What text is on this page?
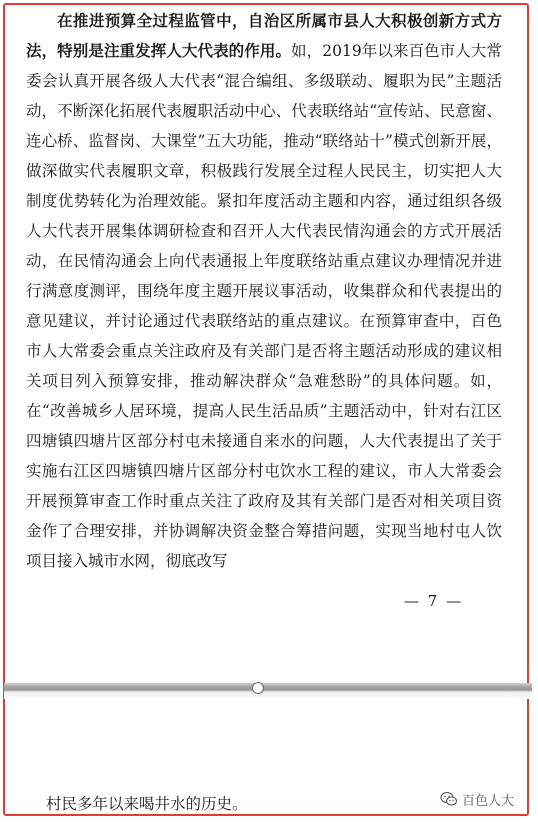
在推进预算全过程监管中，自治区所属市县人大积极创新方式方法，特别是注重发挥人大代表的作用。如，2019年以来百色市人大常委会认真开展各级人大代表“混合编组、多级联动、履职为民”主题活动，不断深化拓展代表履职活动中心、代表联络站“宣传站、民意窗、连心桥、监督岗、大课堂”五大功能，推动“联络站十”模式创新开展，做深做实代表履职文章，积极践行发展全过程人民民主，切实把人大制度优势转化为治理效能。紧扣年度活动主题和内容，通过组织各级人大代表开展集体调研检查和召开人大代表民情沟通会的方式开展活动，在民情沟通会上向代表通报上年度联络站重点建议办理情况并进行满意度测评，围绕年度主题开展议事活动，收集群众和代表提出的意见建议，并讨论通过代表联络站的重点建议。在预算审查中，百色市人大常委会重点关注政府及有关部门是否将主题活动形成的建议相关项目列入预算安排，推动解决群众“急难愁盼”的具体问题。如，在“改善城乡人居环境，提高人民生活品质”主题活动中，针对右江区四塘镇四塘片区部分村屯未接通自来水的问题，人大代表提出了关于实施右江区四塘镇四塘片区部分村屯饮水工程的建议，市人大常委会开展预算审查工作时重点关注了政府及其有关部门是否对相关项目资金作了合理安排，并协调解决资金整合筹措问题，实现当地村屯人饮项目接入城市水网，彻底改写

— 7 —
村民多年以来喝井水的历史。	百色人大
